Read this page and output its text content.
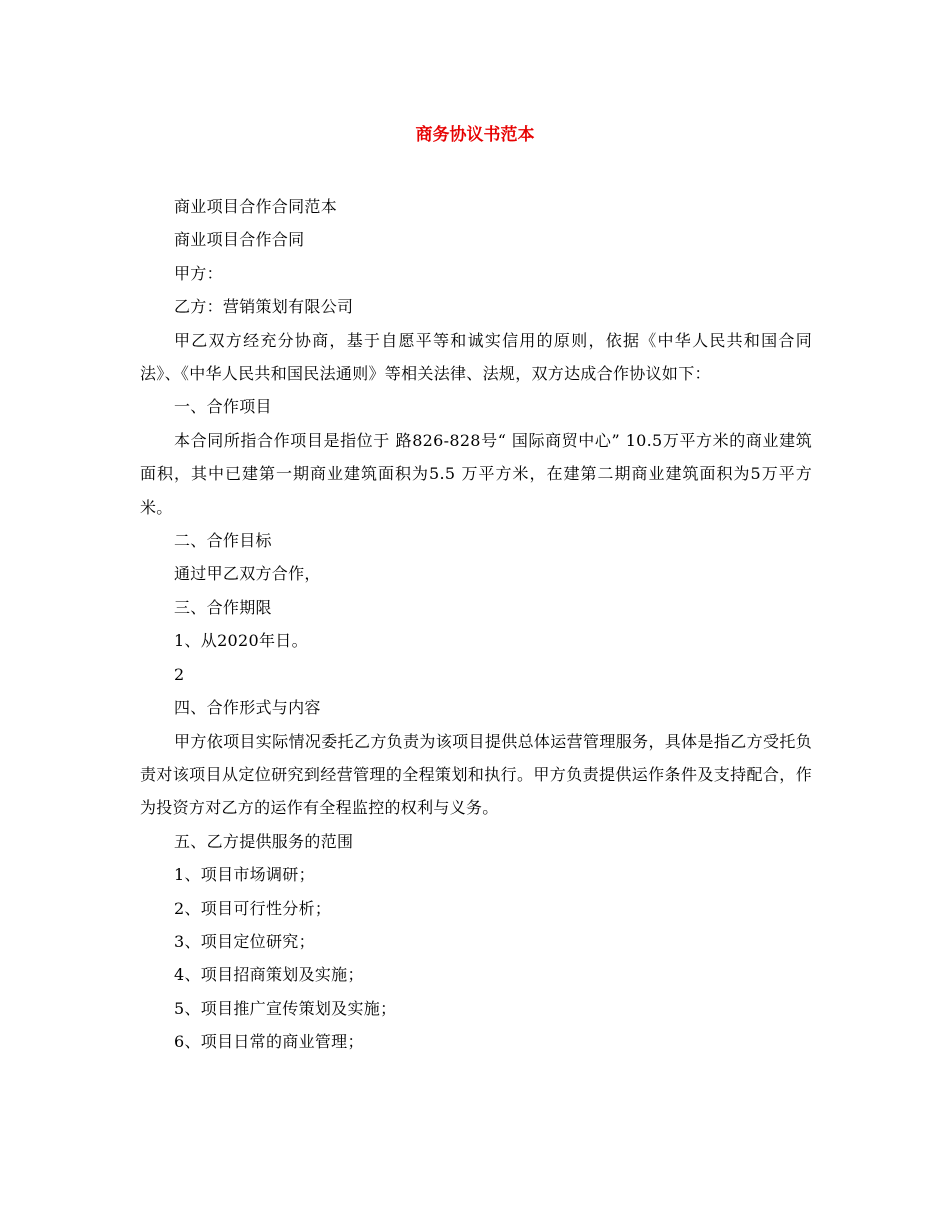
商务协议书范本

商业项目合作合同范本

商业项目合作合同

甲方：

乙方：营销策划有限公司

甲乙双方经充分协商，基于自愿平等和诚实信用的原则，依据《中华人民共和国合同法》、《中华人民共和国民法通则》等相关法律、法规，双方达成合作协议如下：

一、合作项目

本合同所指合作项目是指位于 路826-828号“ 国际商贸中心” 10.5万平方米的商业建筑面积，其中已建第一期商业建筑面积为5.5 万平方米，在建第二期商业建筑面积为5万平方米。

二、合作目标

通过甲乙双方合作，

三、合作期限

1、从2020年日。

2

四、合作形式与内容

甲方依项目实际情况委托乙方负责为该项目提供总体运营管理服务，具体是指乙方受托负责对该项目从定位研究到经营管理的全程策划和执行。甲方负责提供运作条件及支持配合，作为投资方对乙方的运作有全程监控的权利与义务。

五、乙方提供服务的范围

1、项目市场调研；

2、项目可行性分析；

3、项目定位研究；

4、项目招商策划及实施；

5、项目推广宣传策划及实施；

6、项目日常的商业管理；
